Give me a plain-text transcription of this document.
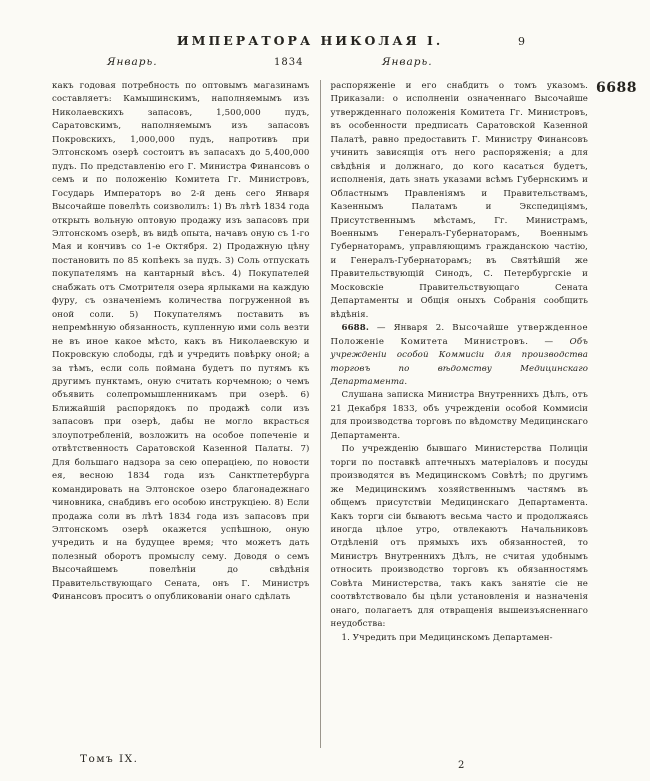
ИМПЕРАТОРА НИКОЛАЯ I.	9
Январь.	1834	Январь.
6688

какъ годовая потребность по оптовымъ магазинамъ составляетъ: Камышинскимъ, наполняемымъ изъ Николаевскихъ запасовъ, 1,500,000 пудъ, Саратовскимъ, наполняемымъ изъ запасовъ Покровскихъ, 1,000,000 пудъ, напротивъ при Элтонскомъ озерѣ состоитъ въ запасахъ до 5,400,000 пудъ. По представленію его Г. Министра Финансовъ о семъ и по положенію Комитета Гг. Министровъ, Государь Императоръ во 2-й день сего Января Высочайше повелѣть соизволилъ: 1) Въ лѣтѣ 1834 года открыть вольную оптовую продажу изъ запасовъ при Элтонскомъ озерѣ, въ видѣ опыта, начавъ оную съ 1-го Мая и кончивъ со 1-е Октября. 2) Продажную цѣну постановить по 85 копѣекъ за пудъ. 3) Соль отпускать покупателямъ на кантарный вѣсъ. 4) Покупателей снабжать отъ Смотрителя озера ярлыками на каждую фуру, съ означеніемъ количества погруженной въ оной соли. 5) Покупателямъ поставить въ непремѣнную обязанность, купленную ими соль везти не въ иное какое мѣсто, какъ въ Николаевскую и Покровскую слободы, гдѣ и учредить повѣрку оной; а за тѣмъ, если соль поймана будетъ по путямъ къ другимъ пунктамъ, оную считать корчемною; о чемъ объявить солепромышленникамъ при озерѣ. 6) Ближайшій распорядокъ по продажѣ соли изъ запасовъ при озерѣ, дабы не могло вкрасться злоупотребленій, возложить на особое попеченіе и отвѣтственность Саратовской Казенной Палаты. 7) Для большаго надзора за сею операціею, по новости ея, весною 1834 года изъ Санктпетербурга командировать на Элтонское озеро благонадежнаго чиновника, снабдивъ его особою инструкціею. 8) Если продажа соли въ лѣтѣ 1834 года изъ запасовъ при Элтонскомъ озерѣ окажется успѣшною, оную учредить и на будущее время; что можетъ дать полезный оборотъ промыслу сему. Доводя о семъ Высочайшемъ повелѣніи до свѣдѣнія Правительствующаго Сената, онъ Г. Министръ Финансовъ проситъ о опубликованіи онаго сдѣлать

распоряженіе и его снабдить о томъ указомъ. Приказали: о исполненіи означеннаго Высочайше утвержденнаго положенія Комитета Гг. Министровъ, въ особенности предписать Саратовской Казенной Палатѣ, равно предоставить Г. Министру Финансовъ учинить зависящія отъ него распоряженія; а для свѣдѣнія и должнаго, до кого касаться будетъ, исполненія, дать знать указами всѣмъ Губернскимъ и Областнымъ Правленіямъ и Правительствамъ, Казеннымъ Палатамъ и Экспедиціямъ, Присутственнымъ мѣстамъ, Гг. Министрамъ, Военнымъ Генералъ-Губернаторамъ, Военнымъ Губернаторамъ, управляющимъ гражданскою частію, и Генералъ-Губернаторамъ; въ Святѣйшій же Правительствующій Синодъ, С. Петербургскіе и Московскіе Правительствующаго Сената Департаменты и Общія оныхъ Собранія сообщить вѣдѣнія.

6688. — Января 2. Высочайше утвержденное Положеніе Комитета Министровъ. — Объ учрежденіи особой Коммисіи для производства торговъ по вѣдомству Медицинскаго Департамента.

Слушана записка Министра Внутреннихъ Дѣлъ, отъ 21 Декабря 1833, объ учрежденіи особой Коммисіи для производства торговъ по вѣдомству Медицинскаго Департамента.

По учрежденію бывшаго Министерства Полиціи торги по поставкѣ аптечныхъ матеріаловъ и посуды производятся въ Медицинскомъ Совѣтѣ; по другимъ же Медицинскимъ хозяйственнымъ частямъ въ общемъ присутствіи Медицинскаго Департамента. Какъ торги сіи бываютъ весьма часто и продолжаясь иногда цѣлое утро, отвлекаютъ Начальниковъ Отдѣленій отъ прямыхъ ихъ обязанностей, то Министръ Внутреннихъ Дѣлъ, не считая удобнымъ относить производство торговъ къ обязанностямъ Совѣта Министерства, такъ какъ занятіе сіе не соотвѣтствовало бы цѣли установленія и назначенія онаго, полагаетъ для отвращенія вышеизъясненнаго неудобства:

1. Учредить при Медицинскомъ Департамен-

Томъ IX.
2
